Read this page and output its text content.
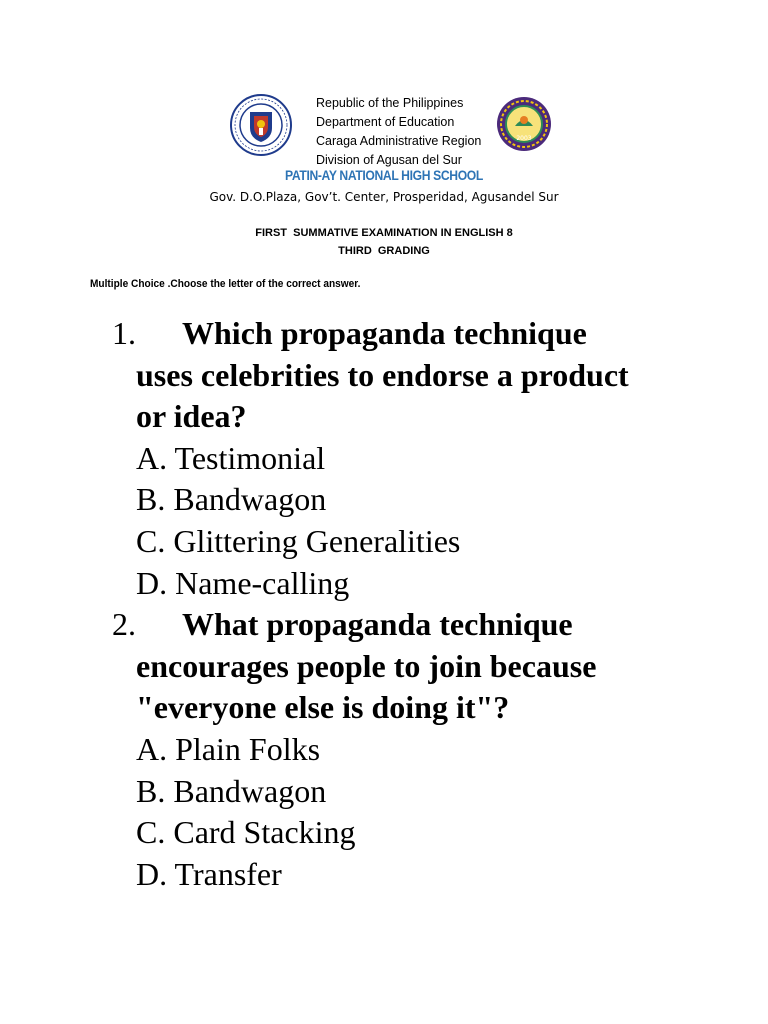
Republic of the Philippines
Department of Education
Caraga Administrative Region
Division of Agusan del Sur
2003
PATIN-AY NATIONAL HIGH SCHOOL
Gov. D.O.Plaza, Gov’t. Center, Prosperidad, Agusandel Sur
FIRST  SUMMATIVE EXAMINATION IN ENGLISH 8
THIRD  GRADING
Multiple Choice .Choose the letter of the correct answer.
1.	Which propaganda technique
uses celebrities to endorse a product
or idea?
A. Testimonial
B. Bandwagon
C. Glittering Generalities
D. Name-calling
2.	What propaganda technique
encourages people to join because
"everyone else is doing it"?
A. Plain Folks
B. Bandwagon
C. Card Stacking
D. Transfer
